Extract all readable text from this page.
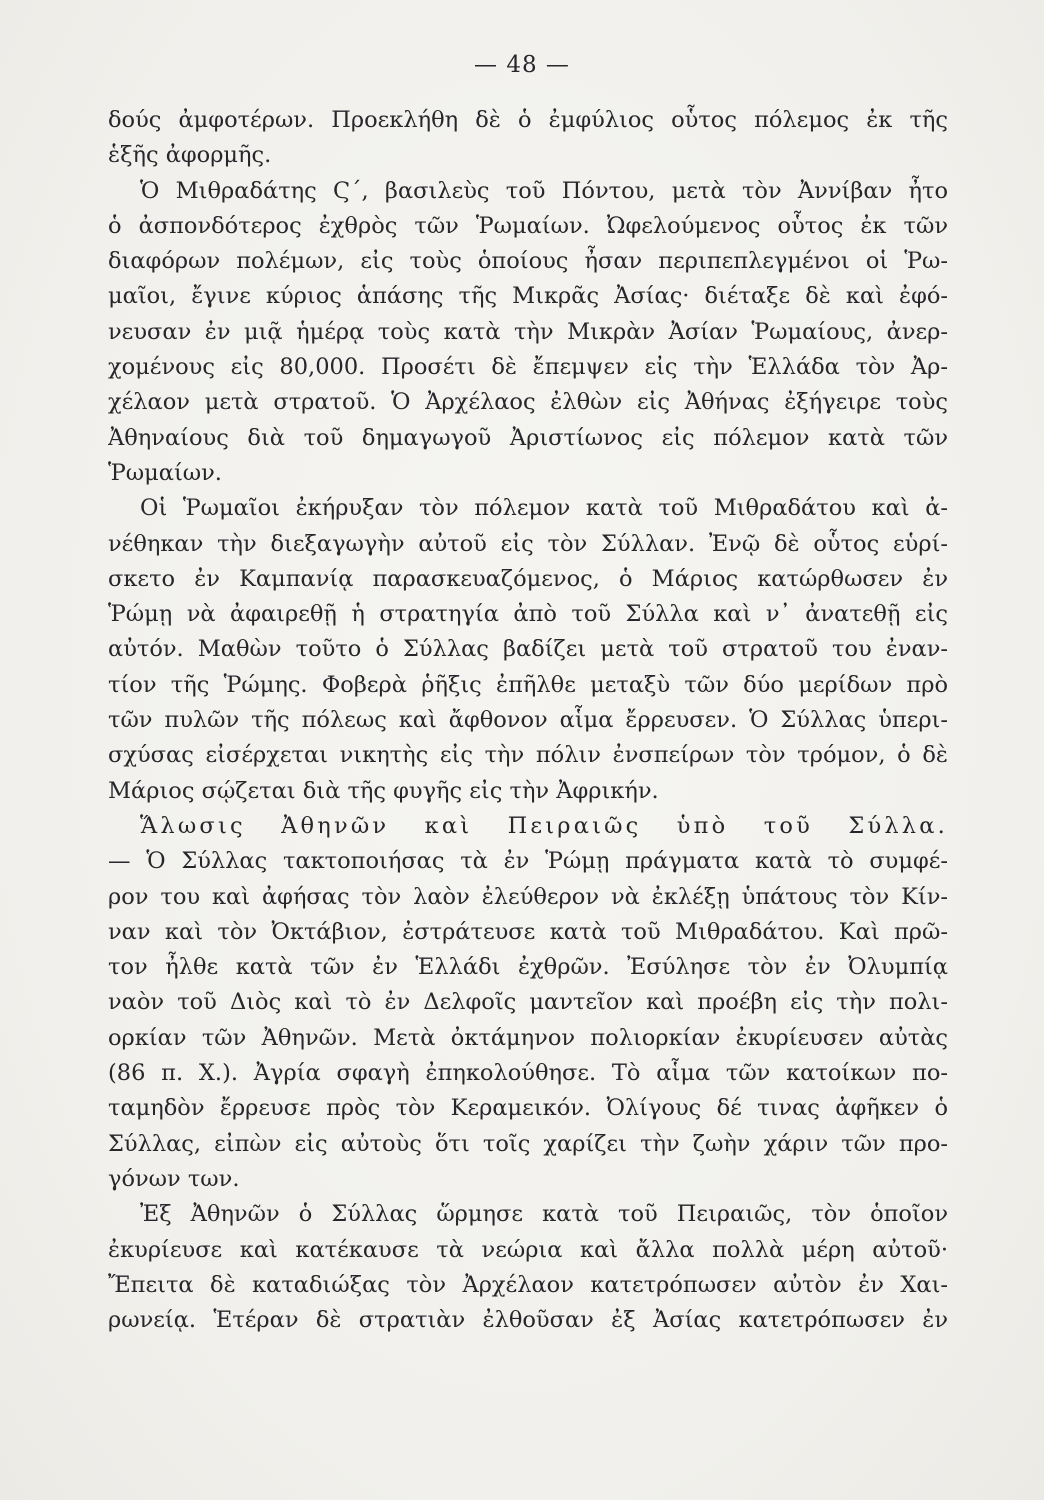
— 48 —
δούς ἀμφοτέρων. Προεκλήθη δὲ ὁ ἐμφύλιος οὗτος πόλεμος ἐκ τῆς
ἑξῆς ἀφορμῆς.
Ὁ Μιθραδάτης Ϛ΄, βασιλεὺς τοῦ Πόντου, μετὰ τὸν Ἀννίβαν ἦτο
ὁ ἀσπονδότερος ἐχθρὸς τῶν Ῥωμαίων. Ὠφελούμενος οὗτος ἐκ τῶν
διαφόρων πολέμων, εἰς τοὺς ὁποίους ἦσαν περιπεπλεγμένοι οἱ Ῥω-
μαῖοι, ἔγινε κύριος ἁπάσης τῆς Μικρᾶς Ἀσίας· διέταξε δὲ καὶ ἐφό-
νευσαν ἐν μιᾷ ἡμέρᾳ τοὺς κατὰ τὴν Μικρὰν Ἀσίαν Ῥωμαίους, ἀνερ-
χομένους εἰς 80,000. Προσέτι δὲ ἔπεμψεν εἰς τὴν Ἑλλάδα τὸν Ἀρ-
χέλαον μετὰ στρατοῦ. Ὁ Ἀρχέλαος ἐλθὼν εἰς Ἀθήνας ἐξήγειρε τοὺς
Ἀθηναίους διὰ τοῦ δημαγωγοῦ Ἀριστίωνος εἰς πόλεμον κατὰ τῶν
Ῥωμαίων.
Οἱ Ῥωμαῖοι ἐκήρυξαν τὸν πόλεμον κατὰ τοῦ Μιθραδάτου καὶ ἀ-
νέθηκαν τὴν διεξαγωγὴν αὐτοῦ εἰς τὸν Σύλλαν. Ἐνῷ δὲ οὗτος εὑρί-
σκετο ἐν Καμπανίᾳ παρασκευαζόμενος, ὁ Μάριος κατώρθωσεν ἐν
Ῥώμῃ νὰ ἀφαιρεθῇ ἡ στρατηγία ἀπὸ τοῦ Σύλλα καὶ ν᾽ ἀνατεθῇ εἰς
αὐτόν. Μαθὼν τοῦτο ὁ Σύλλας βαδίζει μετὰ τοῦ στρατοῦ του ἐναν-
τίον τῆς Ῥώμης. Φοβερὰ ῥῆξις ἐπῆλθε μεταξὺ τῶν δύο μερίδων πρὸ
τῶν πυλῶν τῆς πόλεως καὶ ἄφθονον αἷμα ἔρρευσεν. Ὁ Σύλλας ὑπερι-
σχύσας εἰσέρχεται νικητὴς εἰς τὴν πόλιν ἐνσπείρων τὸν τρόμον, ὁ δὲ
Μάριος σῴζεται διὰ τῆς φυγῆς εἰς τὴν Ἀφρικήν.
Ἅλωσις Ἀθηνῶν καὶ Πειραιῶς ὑπὸ τοῦ Σύλλα.
— Ὁ Σύλλας τακτοποιήσας τὰ ἐν Ῥώμῃ πράγματα κατὰ τὸ συμφέ-
ρον του καὶ ἀφήσας τὸν λαὸν ἐλεύθερον νὰ ἐκλέξῃ ὑπάτους τὸν Κίν-
ναν καὶ τὸν Ὀκτάβιον, ἐστράτευσε κατὰ τοῦ Μιθραδάτου. Καὶ πρῶ-
τον ἦλθε κατὰ τῶν ἐν Ἑλλάδι ἐχθρῶν. Ἐσύλησε τὸν ἐν Ὀλυμπίᾳ
ναὸν τοῦ Διὸς καὶ τὸ ἐν Δελφοῖς μαντεῖον καὶ προέβη εἰς τὴν πολι-
ορκίαν τῶν Ἀθηνῶν. Μετὰ ὀκτάμηνον πολιορκίαν ἐκυρίευσεν αὐτὰς
(86 π. Χ.). Ἀγρία σφαγὴ ἐπηκολούθησε. Τὸ αἷμα τῶν κατοίκων πο-
ταμηδὸν ἔρρευσε πρὸς τὸν Κεραμεικόν. Ὀλίγους δέ τινας ἀφῆκεν ὁ
Σύλλας, εἰπὼν εἰς αὐτοὺς ὅτι τοῖς χαρίζει τὴν ζωὴν χάριν τῶν προ-
γόνων των.
Ἐξ Ἀθηνῶν ὁ Σύλλας ὥρμησε κατὰ τοῦ Πειραιῶς, τὸν ὁποῖον
ἐκυρίευσε καὶ κατέκαυσε τὰ νεώρια καὶ ἄλλα πολλὰ μέρη αὐτοῦ·
Ἔπειτα δὲ καταδιώξας τὸν Ἀρχέλαον κατετρόπωσεν αὐτὸν ἐν Χαι-
ρωνείᾳ. Ἑτέραν δὲ στρατιὰν ἐλθοῦσαν ἐξ Ἀσίας κατετρόπωσεν ἐν
